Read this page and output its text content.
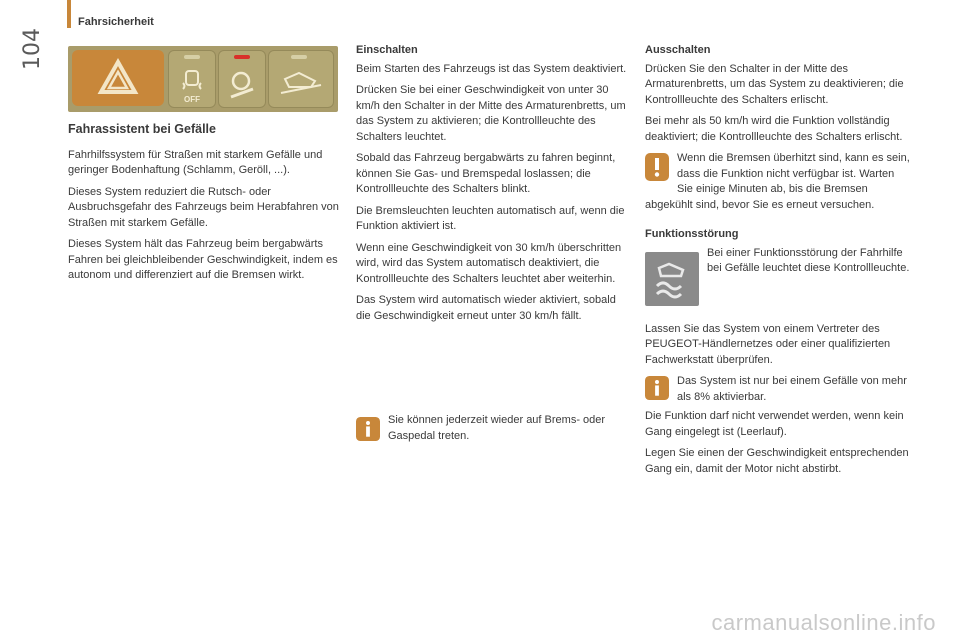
104
Fahrsicherheit
OFF
Fahrassistent bei Gefälle

Fahrhilfssystem für Straßen mit starkem Gefälle und geringer Bodenhaftung (Schlamm, Geröll, ...).

Dieses System reduziert die Rutsch- oder Ausbruchsgefahr des Fahrzeugs beim Herabfahren von Straßen mit starkem Gefälle.

Dieses System hält das Fahrzeug beim bergabwärts Fahren bei gleichbleibender Geschwindigkeit, indem es autonom und differenziert auf die Bremsen wirkt.

Einschalten

Beim Starten des Fahrzeugs ist das System deaktiviert.

Drücken Sie bei einer Geschwindigkeit von unter 30 km/h den Schalter in der Mitte des Armaturenbretts, um das System zu aktivieren; die Kontrollleuchte des Schalters leuchtet.

Sobald das Fahrzeug bergabwärts zu fahren beginnt, können Sie Gas- und Bremspedal loslassen; die Kontrollleuchte des Schalters blinkt.

Die Bremsleuchten leuchten automatisch auf, wenn die Funktion aktiviert ist.

Wenn eine Geschwindigkeit von 30 km/h überschritten wird, wird das System automatisch deaktiviert, die Kontrollleuchte des Schalters leuchtet aber weiterhin.

Das System wird automatisch wieder aktiviert, sobald die Geschwindigkeit erneut unter 30 km/h fällt.

Sie können jederzeit wieder auf Brems- oder Gaspedal treten.
Ausschalten

Drücken Sie den Schalter in der Mitte des Armaturenbretts, um das System zu deaktivieren; die Kontrollleuchte des Schalters erlischt.

Bei mehr als 50 km/h wird die Funktion vollständig deaktiviert; die Kontrollleuchte des Schalters erlischt.

Wenn die Bremsen überhitzt sind, kann es sein, dass die Funktion nicht verfügbar ist. Warten Sie einige Minuten ab, bis die Bremsen abgekühlt sind, bevor Sie es erneut versuchen.
Funktionsstörung
Bei einer Funktionsstörung der Fahrhilfe bei Gefälle leuchtet diese Kontrollleuchte.

Lassen Sie das System von einem Vertreter des PEUGEOT-Händlernetzes oder einer qualifizierten Fachwerkstatt überprüfen.

Das System ist nur bei einem Gefälle von mehr als 8% aktivierbar.

Die Funktion darf nicht verwendet werden, wenn kein Gang eingelegt ist (Leerlauf).

Legen Sie einen der Geschwindigkeit entsprechenden Gang ein, damit der Motor nicht abstirbt.

carmanualsonline.info
